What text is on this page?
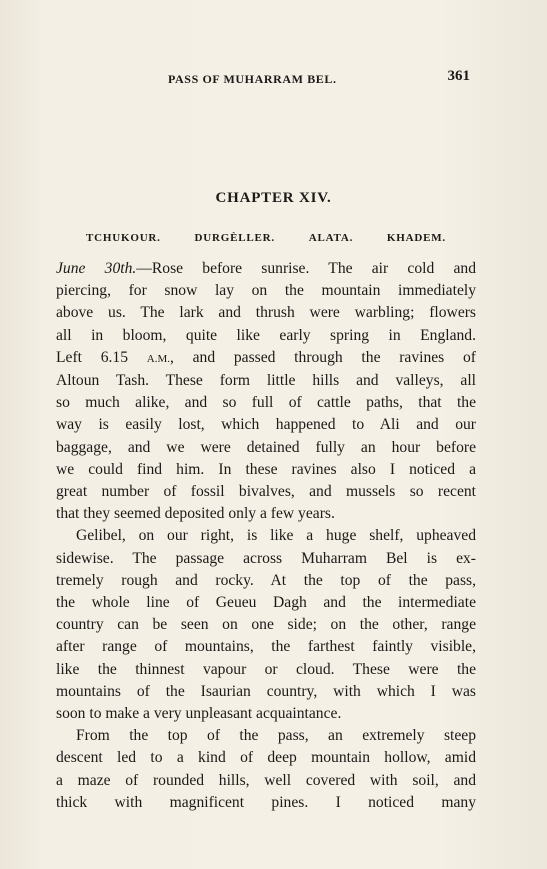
PASS OF MUHARRAM BEL.	361
CHAPTER XIV.
TCHUKOUR.	DURGÈLLER.	ALATA.	KHADEM.
June 30th.—Rose before sunrise. The air cold and
piercing, for snow lay on the mountain immediately
above us. The lark and thrush were warbling; flowers
all in bloom, quite like early spring in England.
Left 6.15 A.M., and passed through the ravines of
Altoun Tash. These form little hills and valleys, all
so much alike, and so full of cattle paths, that the
way is easily lost, which happened to Ali and our
baggage, and we were detained fully an hour before
we could find him. In these ravines also I noticed a
great number of fossil bivalves, and mussels so recent
that they seemed deposited only a few years.
Gelibel, on our right, is like a huge shelf, upheaved
sidewise. The passage across Muharram Bel is ex-
tremely rough and rocky. At the top of the pass,
the whole line of Geueu Dagh and the intermediate
country can be seen on one side; on the other, range
after range of mountains, the farthest faintly visible,
like the thinnest vapour or cloud. These were the
mountains of the Isaurian country, with which I was
soon to make a very unpleasant acquaintance.
From the top of the pass, an extremely steep
descent led to a kind of deep mountain hollow, amid
a maze of rounded hills, well covered with soil, and
thick with magnificent pines. I noticed many
